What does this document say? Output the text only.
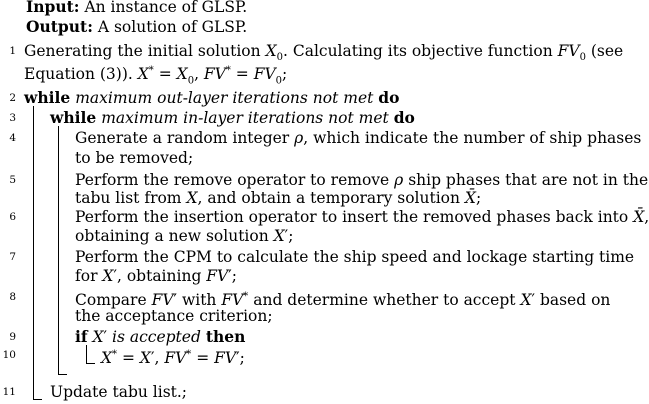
Input: An instance of GLSP.
Output: A solution of GLSP.
1
2
3
4
5
6
7
8
9
10
11
Generating the initial solution $X_0$. Calculating its objective function $FV_0$ (see
Equation (3)). $X^* = X_0$, $FV^* = FV_0$;
while maximum out-layer iterations not met do
while maximum in-layer iterations not met do
Generate a random integer ρ, which indicate the number of ship phases
to be removed;
Perform the remove operator to remove ρ ship phases that are not in the
tabu list from X, and obtain a temporary solution X̄;
Perform the insertion operator to insert the removed phases back into X̄,
obtaining a new solution X′;
Perform the CPM to calculate the ship speed and lockage starting time
for X′, obtaining FV′;
Compare FV′ with FV* and determine whether to accept X′ based on
the acceptance criterion;
if X′ is accepted then
X* = X′, FV* = FV′;
Update tabu list.;
